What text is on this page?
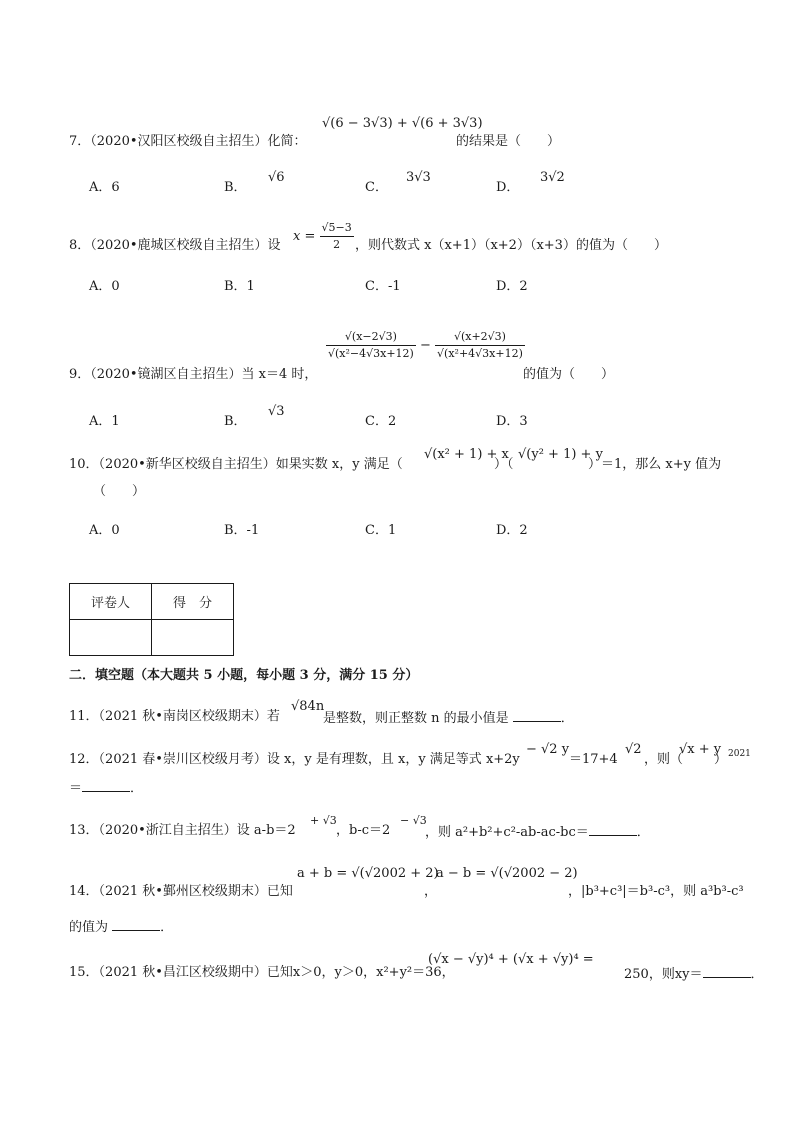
7．（2020•汉阳区校级自主招生）化简：
√(6 − 3√3) + √(6 + 3√3)
的结果是（　　）
A．6	B．
√6
C．
3√3
D．
3√2
8．（2020•鹿城区校级自主招生）设
$x = \frac{√5-3}{2}$ ，则代数式 x（x+1）（x+2）（x+3）的值为（　　）
A．0	B．1	C．-1	D．2
9．（2020•镜湖区自主招生）当 x＝4 时，
$\frac{√(x-2√3)}{\text{√(x²−4√3x+12)}} - \frac{√(x+2√3)}{\text{√(x²+4√3x+12)}}$
的值为（　　）
A．1	B．
√3
C．2	D．3
10．（2020•新华区校级自主招生）如果实数 x，y 满足（
√(x² + 1) + x
）（
√(y² + 1) + y
）＝1，那么 x+y 值为
（　　）
A．0	B．-1	C．1	D．2
评卷人	得　分

二．填空题（本大题共 5 小题，每小题 3 分，满分 15 分）
11．（2021 秋•南岗区校级期末）若
√84n
是整数，则正整数 n 的最小值是	．
12．（2021 春•崇川区校级月考）设 x，y 是有理数，且 x，y 满足等式 x+2y
− √2 y
＝17+4
√2
，则（
√x + y
） 2021
＝	．
13．（2020•浙江自主招生）设 a-b＝2
+ √3
，b-c＝2
− √3
，则 a²+b²+c²-ab-ac-bc＝	．
14．（2021 秋•鄞州区校级期末）已知
a + b = √(√2002 + 2)
，
a − b = √(√2002 − 2)
，|b³+c³|＝b³-c³，则 a³b³-c³
的值为	．
15．（2021 秋•昌江区校级期中）已知x＞0，y＞0，x²+y²＝36，
(√x − √y)⁴ + (√x + √y)⁴ =
250，则xy＝	．
